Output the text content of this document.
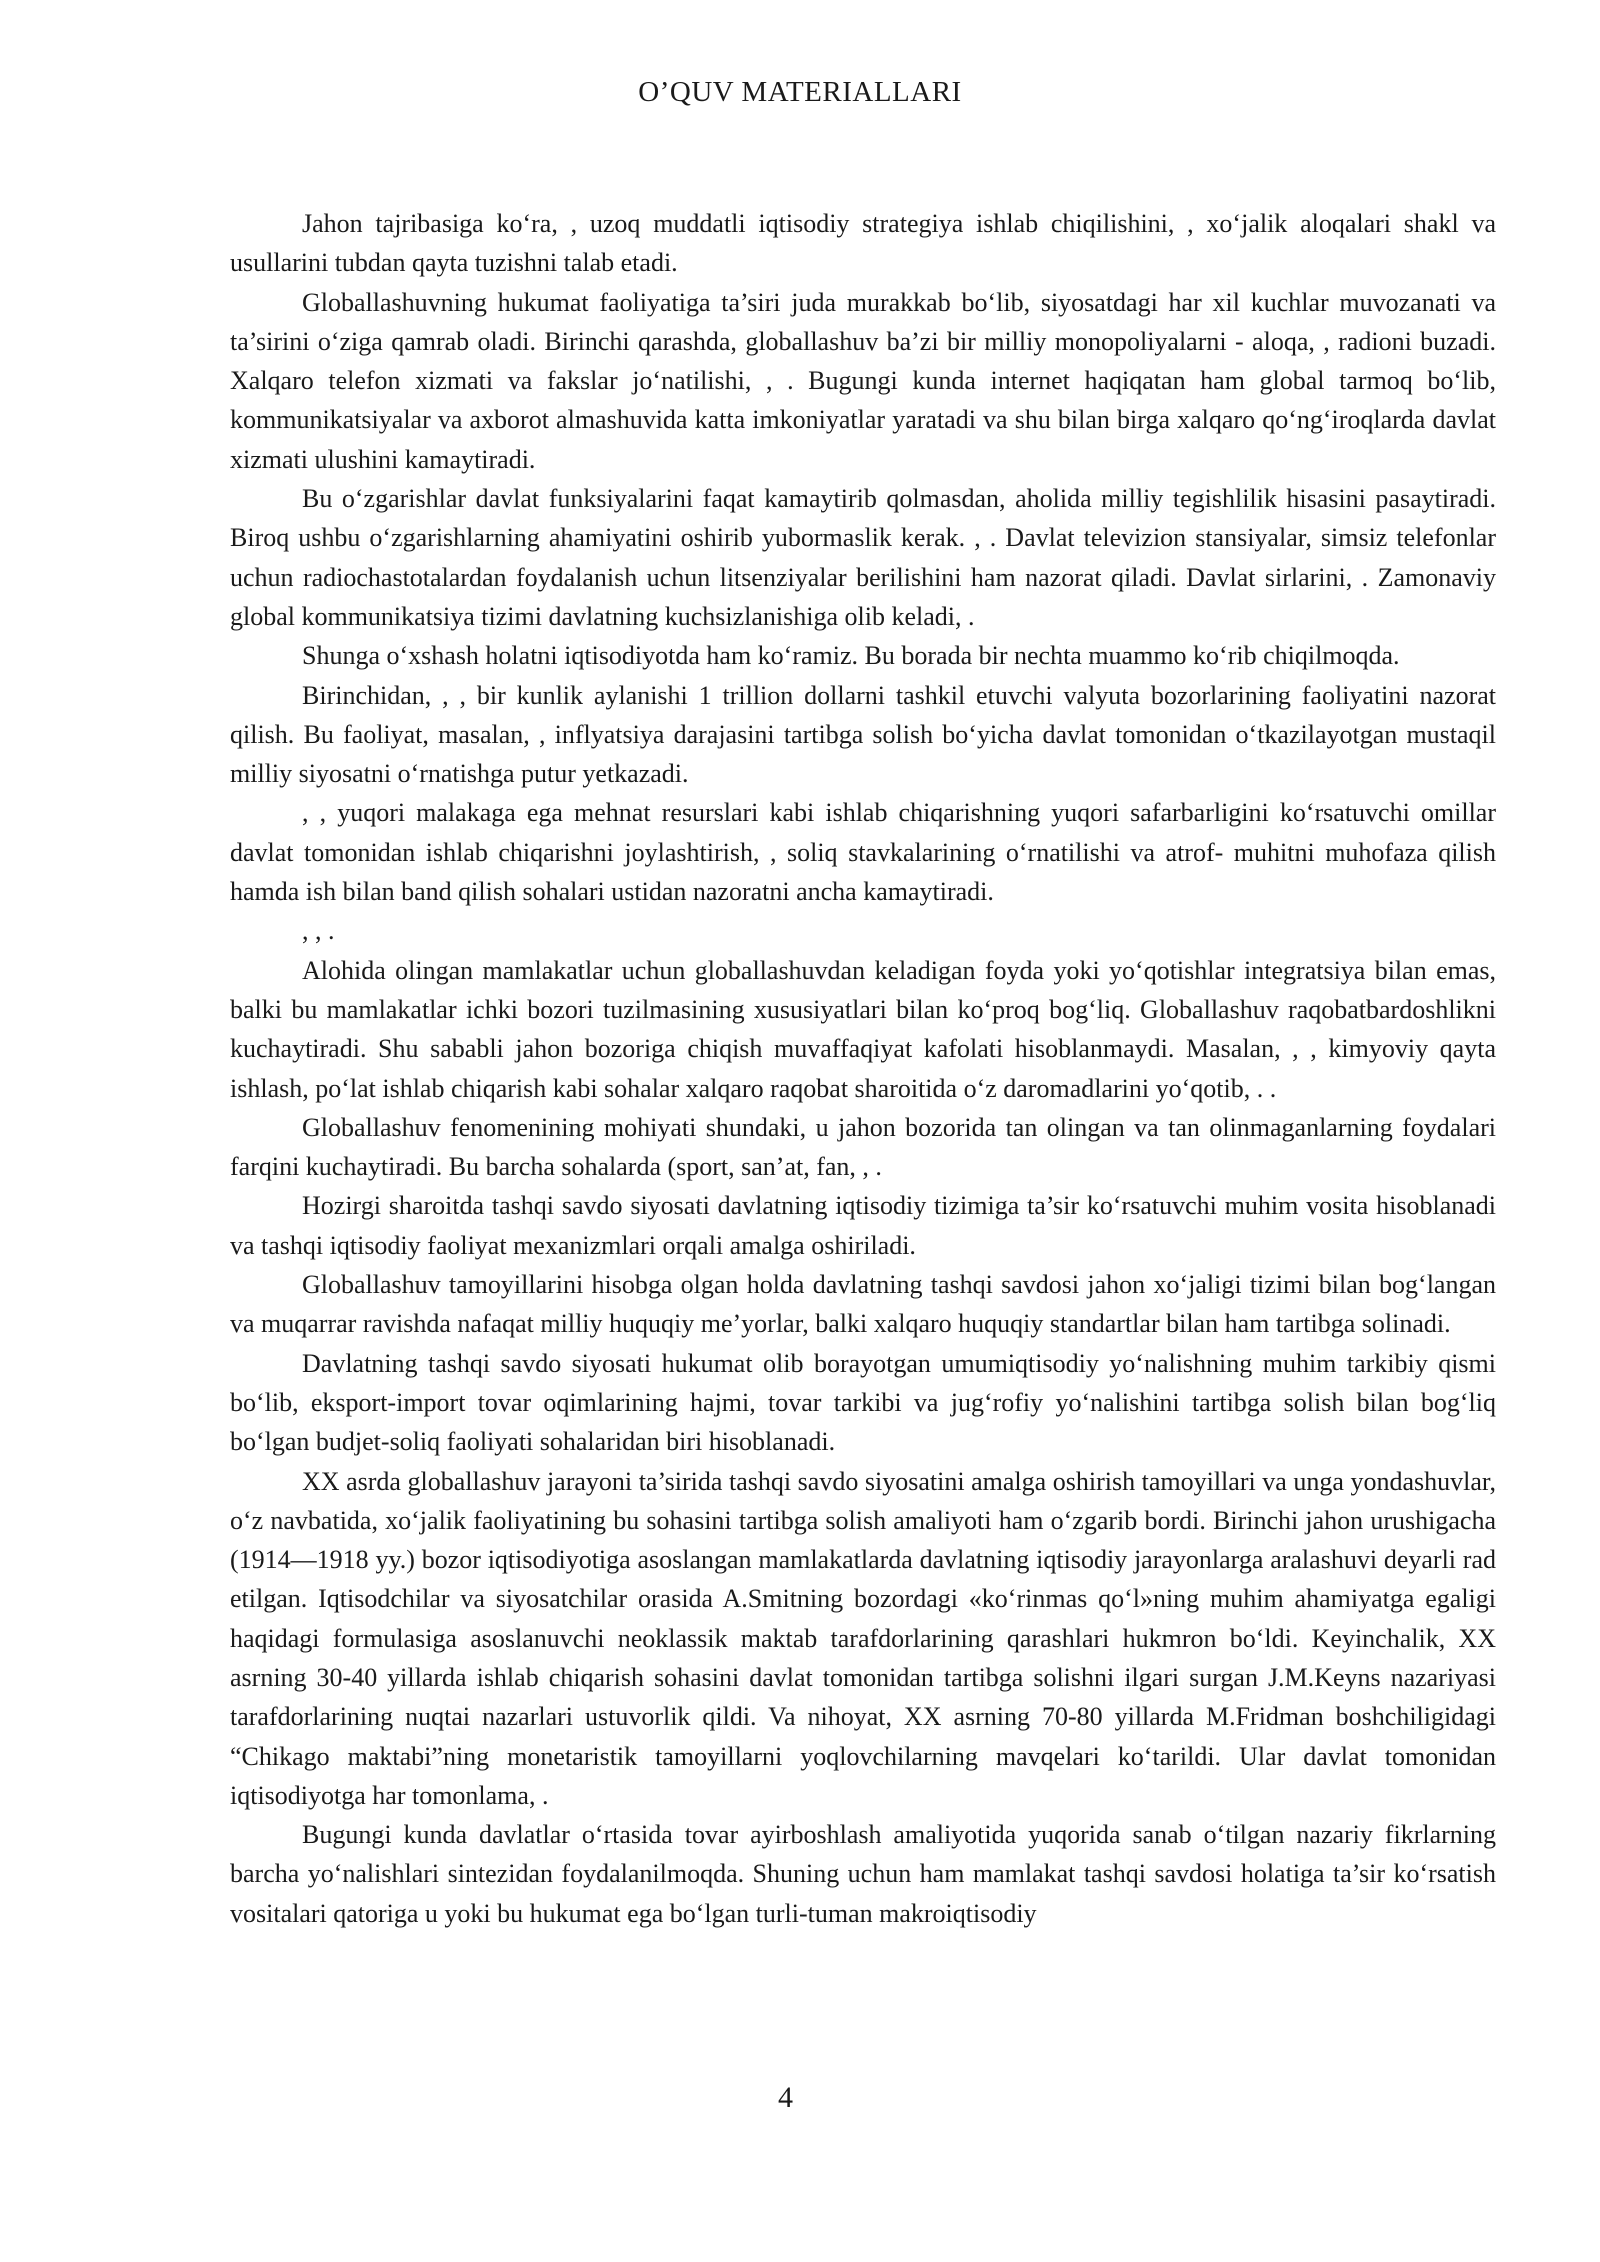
O’QUV MATERIALLARI

Jahon tajribasiga ko‘ra, , uzoq muddatli iqtisodiy strategiya ishlab chiqilishini, , xo‘jalik aloqalari shakl va usullarini tubdan qayta tuzishni talab etadi.

Globallashuvning hukumat faoliyatiga ta’siri juda murakkab bo‘lib, siyosatdagi har xil kuchlar muvozanati va ta’sirini o‘ziga qamrab oladi. Birinchi qarashda, globallashuv ba’zi bir milliy monopoliyalarni - aloqa, , radioni buzadi. Xalqaro telefon xizmati va fakslar jo‘natilishi, , . Bugungi kunda internet haqiqatan ham global tarmoq bo‘lib, kommunikatsiyalar va axborot almashuvida katta imkoniyatlar yaratadi va shu bilan birga xalqaro qo‘ng‘iroqlarda davlat xizmati ulushini kamaytiradi.

Bu o‘zgarishlar davlat funksiyalarini faqat kamaytirib qolmasdan, aholida milliy tegishlilik hisasini pasaytiradi. Biroq ushbu o‘zgarishlarning ahamiyatini oshirib yubormaslik kerak. , . Davlat televizion stansiyalar, simsiz telefonlar uchun radiochastotalardan foydalanish uchun litsenziyalar berilishini ham nazorat qiladi. Davlat sirlarini, . Zamonaviy global kommunikatsiya tizimi davlatning kuchsizlanishiga olib keladi, .

Shunga o‘xshash holatni iqtisodiyotda ham ko‘ramiz. Bu borada bir nechta muammo ko‘rib chiqilmoqda.

Birinchidan, , , bir kunlik aylanishi 1 trillion dollarni tashkil etuvchi valyuta bozorlarining faoliyatini nazorat qilish. Bu faoliyat, masalan, , inflyatsiya darajasini tartibga solish bo‘yicha davlat tomonidan o‘tkazilayotgan mustaqil milliy siyosatni o‘rnatishga putur yetkazadi.

, , yuqori malakaga ega mehnat resurslari kabi ishlab chiqarishning yuqori safarbarligini ko‘rsatuvchi omillar davlat tomonidan ishlab chiqarishni joylashtirish, , soliq stavkalarining o‘rnatilishi va atrof- muhitni muhofaza qilish hamda ish bilan band qilish sohalari ustidan nazoratni ancha kamaytiradi.

, , .

Alohida olingan mamlakatlar uchun globallashuvdan keladigan foyda yoki yo‘qotishlar integratsiya bilan emas, balki bu mamlakatlar ichki bozori tuzilmasining xususiyatlari bilan ko‘proq bog‘liq. Globallashuv raqobatbardoshlikni kuchaytiradi. Shu sababli jahon bozoriga chiqish muvaffaqiyat kafolati hisoblanmaydi. Masalan, , , kimyoviy qayta ishlash, po‘lat ishlab chiqarish kabi sohalar xalqaro raqobat sharoitida o‘z daromadlarini yo‘qotib, . .

Globallashuv fenomenining mohiyati shundaki, u jahon bozorida tan olingan va tan olinmaganlarning foydalari farqini kuchaytiradi. Bu barcha sohalarda (sport, san’at, fan, , .

Hozirgi sharoitda tashqi savdo siyosati davlatning iqtisodiy tizimiga ta’sir ko‘rsatuvchi muhim vosita hisoblanadi va tashqi iqtisodiy faoliyat mexanizmlari orqali amalga oshiriladi.

Globallashuv tamoyillarini hisobga olgan holda davlatning tashqi savdosi jahon xo‘jaligi tizimi bilan bog‘langan va muqarrar ravishda nafaqat milliy huquqiy me’yorlar, balki xalqaro huquqiy standartlar bilan ham tartibga solinadi.

Davlatning tashqi savdo siyosati hukumat olib borayotgan umumiqtisodiy yo‘nalishning muhim tarkibiy qismi bo‘lib, eksport-import tovar oqimlarining hajmi, tovar tarkibi va jug‘rofiy yo‘nalishini tartibga solish bilan bog‘liq bo‘lgan budjet-soliq faoliyati sohalaridan biri hisoblanadi.

XX asrda globallashuv jarayoni ta’sirida tashqi savdo siyosatini amalga oshirish tamoyillari va unga yondashuvlar, o‘z navbatida, xo‘jalik faoliyatining bu sohasini tartibga solish amaliyoti ham o‘zgarib bordi. Birinchi jahon urushigacha (1914—1918 yy.) bozor iqtisodiyotiga asoslangan mamlakatlarda davlatning iqtisodiy jarayonlarga aralashuvi deyarli rad etilgan. Iqtisodchilar va siyosatchilar orasida A.Smitning bozordagi «ko‘rinmas qo‘l»ning muhim ahamiyatga egaligi haqidagi formulasiga asoslanuvchi neoklassik maktab tarafdorlarining qarashlari hukmron bo‘ldi. Keyinchalik, XX asrning 30-40 yillarda ishlab chiqarish sohasini davlat tomonidan tartibga solishni ilgari surgan J.M.Keyns nazariyasi tarafdorlarining nuqtai nazarlari ustuvorlik qildi. Va nihoyat, XX asrning 70-80 yillarda M.Fridman boshchiligidagi “Chikago maktabi”ning monetaristik tamoyillarni yoqlovchilarning mavqelari ko‘tarildi. Ular davlat tomonidan iqtisodiyotga har tomonlama, .

Bugungi kunda davlatlar o‘rtasida tovar ayirboshlash amaliyotida yuqorida sanab o‘tilgan nazariy fikrlarning barcha yo‘nalishlari sintezidan foydalanilmoqda. Shuning uchun ham mamlakat tashqi savdosi holatiga ta’sir ko‘rsatish vositalari qatoriga u yoki bu hukumat ega bo‘lgan turli-tuman makroiqtisodiy

4
